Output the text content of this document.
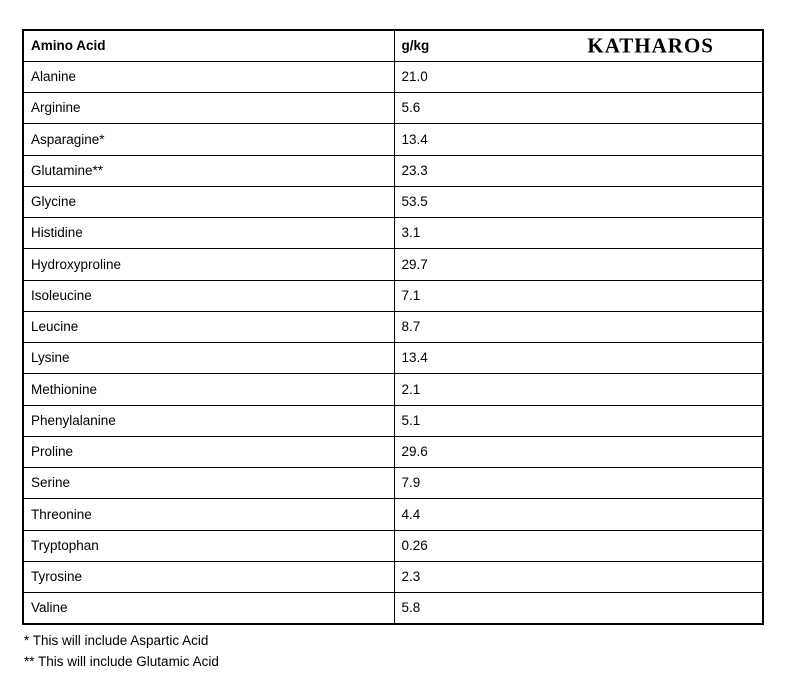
Amino Acid	g/kg KATHAROS

Alanine	21.0
Arginine	5.6
Asparagine*	13.4
Glutamine**	23.3
Glycine	53.5
Histidine	3.1
Hydroxyproline	29.7
Isoleucine	7.1
Leucine	8.7
Lysine	13.4
Methionine	2.1
Phenylalanine	5.1
Proline	29.6
Serine	7.9
Threonine	4.4
Tryptophan	0.26
Tyrosine	2.3
Valine	5.8
* This will include Aspartic Acid
** This will include Glutamic Acid
